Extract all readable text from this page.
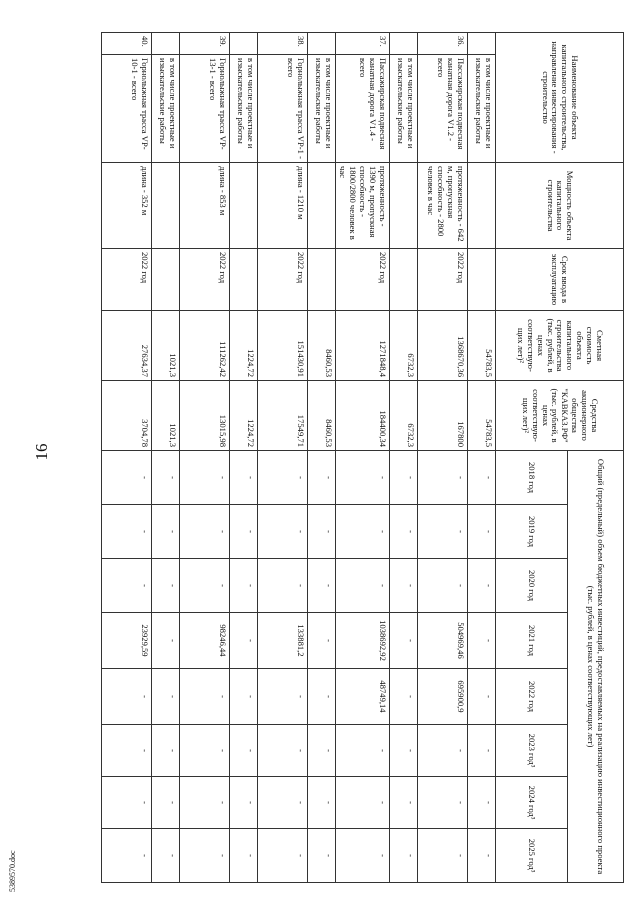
16
5389570.doc
Наименование объекта капитального строительства, направление инвестирования - строительство		Мощность объекта капитального строительства	Срок ввода в эксплуатацию	Сметная стоимость объекта капитального строительства (тыс. рублей, в ценах соответствую-щих лет)²	Средства акционерного общества "КАВКАЗ.РФ" (тыс. рублей, в ценах соответствую-щих лет)²	Общий (предельный) объем бюджетных инвестиций, предоставляемых на реализацию инвестиционного проекта (тыс. рублей, в ценах соответствующих лет)							
						2018 год	2019 год	2020 год	2021 год	2022 год	2023 год³	2024 год³	2025 год³
	в том числе проектные и изыскательские работы			54783,5	54783,5	-	-	-	-	-	-	-	-
36.	Пассажирская подвесная канатная дорога V1.2 - всего	протяженность - 642 м, пропускная способность - 2800 человек в час	2022 год	1368670,36	167800	-	-	-	504969,46	695900,9	-	-	-
	в том числе проектные и изыскательские работы			6732,3	6732,3	-	-	-	-	-	-	-	-
37.	Пассажирская подвесная канатная дорога V1.4 - всего	протяженность - 1390 м, пропускная способность - 1800/2800 человек в час	2022 год	1271848,4	184400,34	-	-	-	1038692,92	48749,14	-	-	-
	в том числе проектные и изыскательские работы			8460,53	8460,53	-	-	-	-	-	-	-	-
38.	Горнолыжная трасса VP-1 - всего	длина - 1210 м	2022 год	151430,91	17549,71	-	-	-	133881,2	-	-	-	-
	в том числе проектные и изыскательские работы			1224,72	1224,72	-	-	-	-	-	-	-	-
39.	Горнолыжная трасса VP-13-1 - всего	длина - 853 м	2022 год	111262,42	13015,98	-	-	-	98246,44	-	-	-	-
	в том числе проектные и изыскательские работы			1021,3	1021,3	-	-	-	-	-	-	-	-
40.	Горнолыжная трасса VP-10-1 - всего	длина - 352 м	2022 год	27634,37	3704,78	-	-	-	23929,59	-	-	-	-
